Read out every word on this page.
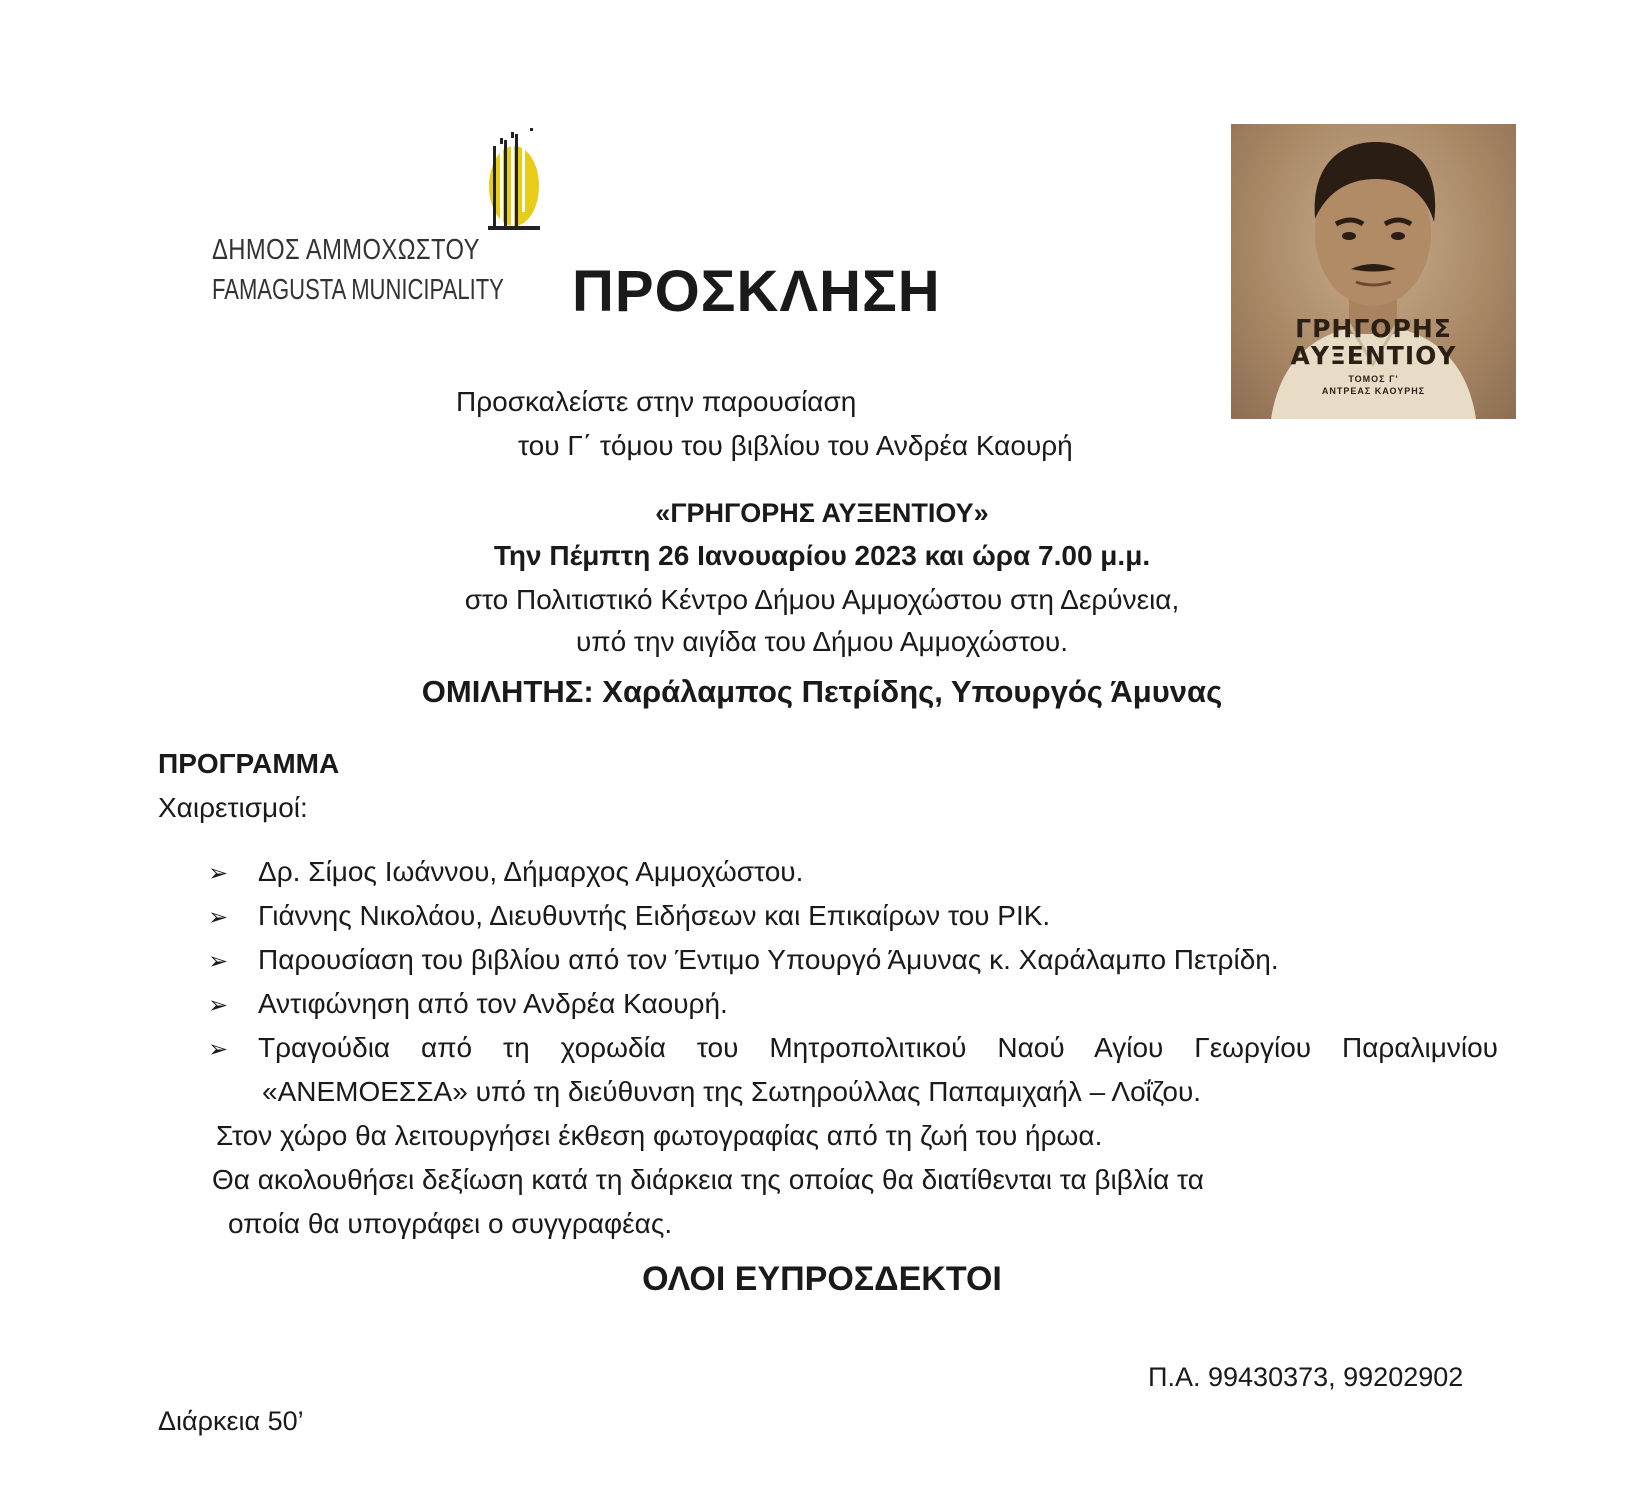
ΔΗΜΟΣ ΑΜΜΟΧΩΣΤΟΥ
FAMAGUSTA MUNICIPALITY ΠΡΟΣΚΛΗΣΗ
ΓΡΗΓΟΡΗΣ
ΑΥΞΕΝΤΙΟΥ
ΤΟΜΟΣ Γ'
ΑΝΤΡΕΑΣ ΚΑΟΥΡΗΣ
Προσκαλείστε στην παρουσίαση
του Γ΄ τόμου του βιβλίου του Ανδρέα Καουρή
«ΓΡΗΓΟΡΗΣ ΑΥΞΕΝΤΙΟΥ»
Την Πέμπτη 26 Ιανουαρίου 2023 και ώρα 7.00 μ.μ.
στο Πολιτιστικό Κέντρο Δήμου Αμμοχώστου στη Δερύνεια,
υπό την αιγίδα του Δήμου Αμμοχώστου.
ΟΜΙΛΗΤΗΣ: Χαράλαμπος Πετρίδης, Υπουργός Άμυνας
ΠΡΟΓΡΑΜΜΑ
Χαιρετισμοί:
➢ Δρ. Σίμος Ιωάννου, Δήμαρχος Αμμοχώστου.
➢ Γιάννης Νικολάου, Διευθυντής Ειδήσεων και Επικαίρων του ΡΙΚ.
➢ Παρουσίαση του βιβλίου από τον Έντιμο Υπουργό Άμυνας κ. Χαράλαμπο Πετρίδη.
➢ Αντιφώνηση από τον Ανδρέα Καουρή.
➢	Τραγούδια από τη χορωδία του Μητροπολιτικού Ναού Αγίου Γεωργίου Παραλιμνίου
«ΑΝΕΜΟΕΣΣΑ» υπό τη διεύθυνση της Σωτηρούλλας Παπαμιχαήλ – Λοΐζου.
Στον χώρο θα λειτουργήσει έκθεση φωτογραφίας από τη ζωή του ήρωα.
Θα ακολουθήσει δεξίωση κατά τη διάρκεια της οποίας θα διατίθενται τα βιβλία τα
οποία θα υπογράφει ο συγγραφέας.
ΟΛΟΙ ΕΥΠΡΟΣΔΕΚΤΟΙ
Π.Α. 99430373, 99202902
Διάρκεια 50’
